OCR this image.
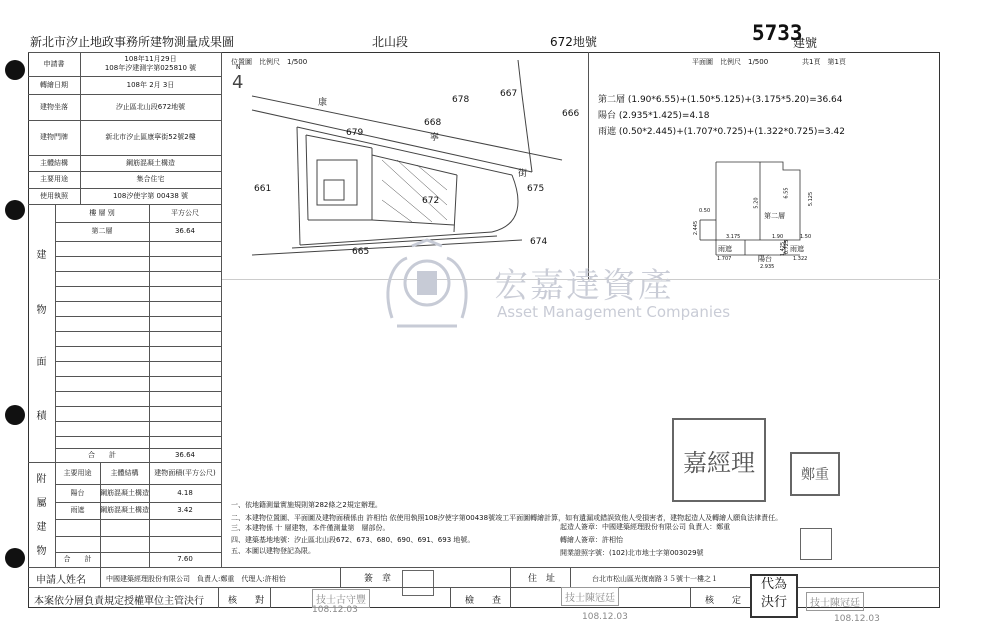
新北市汐止地政事務所建物測量成果圖	北山段	672地號	5733
建號
申請書
108年11月29日
108年汐建測字第025810 號
轉繪日期	108年 2月 3日
建物坐落	汐止區北山段672地號
建物門牌	新北市汐止區康寧街52號2樓
主體結構	鋼筋混凝土構造
主要用途	集合住宅
使用執照	108汐使字第 00438 號
樓 層 別	平方公尺
第二層	36.64
合　　計	36.64
建
物
面
積
主要用途	主體結構	建物面積(平方公尺)
陽台	鋼筋混凝土構造	4.18
雨遮	鋼筋混凝土構造	3.42
合　　計	7.60
附
屬
建
物
位置圖　比例尺　1/500
4
N
678
667
666
668
679
661
672
675
674
665
康
寧
街
平面圖　比例尺　1/500	共1頁　第1頁
第二層 (1.90*6.55)+(1.50*5.125)+(3.175*5.20)=36.64
陽台 (2.935*1.425)=4.18
雨遮 (0.50*2.445)+(1.707*0.725)+(1.322*0.725)=3.42
3.175	1.90	1.50
5.20
6.55	5.125
0.50
2.445
1.707
2.935
1.322
1.425
0.725
第二層
雨遮
陽台
雨遮
宏嘉達資產
Asset Management Companies
嘉 經 理	鄭重
一、依地籍測量實施規則第282條之2規定辦理。
二、本建物位置圖、平面圖及建物面積係由 許相怡 依使用執照108汐使字第00438號竣工平面圖轉繪計算，如有遺漏或錯誤致他人受損害者，建物起造人及轉繪人願負法律責任。
三、本建物係 十 層建物，本件僅測量第　層部份。
四、建築基地地號：汐止區北山段672、673、680、690、691、693 地號。
五、本圖以建物登記為限。
起造人簽章：中國建築經理股份有限公司 負責人：鄭重
轉繪人簽章：許相怡
開業證照字號：(102)北市地士字第003029號
申請人姓名	中國建築經理股份有限公司　負責人:鄭重　代理人:許相怡	簽　章	住　址	台北市松山區光復南路３５號十一樓之１
本案依分層負責規定授權單位主管決行	核　　對	檢　　查	核　　定
技士古守豐
108.12.03
技士陳冠廷
108.12.03
代為
決行	技士陳冠廷
108.12.03
